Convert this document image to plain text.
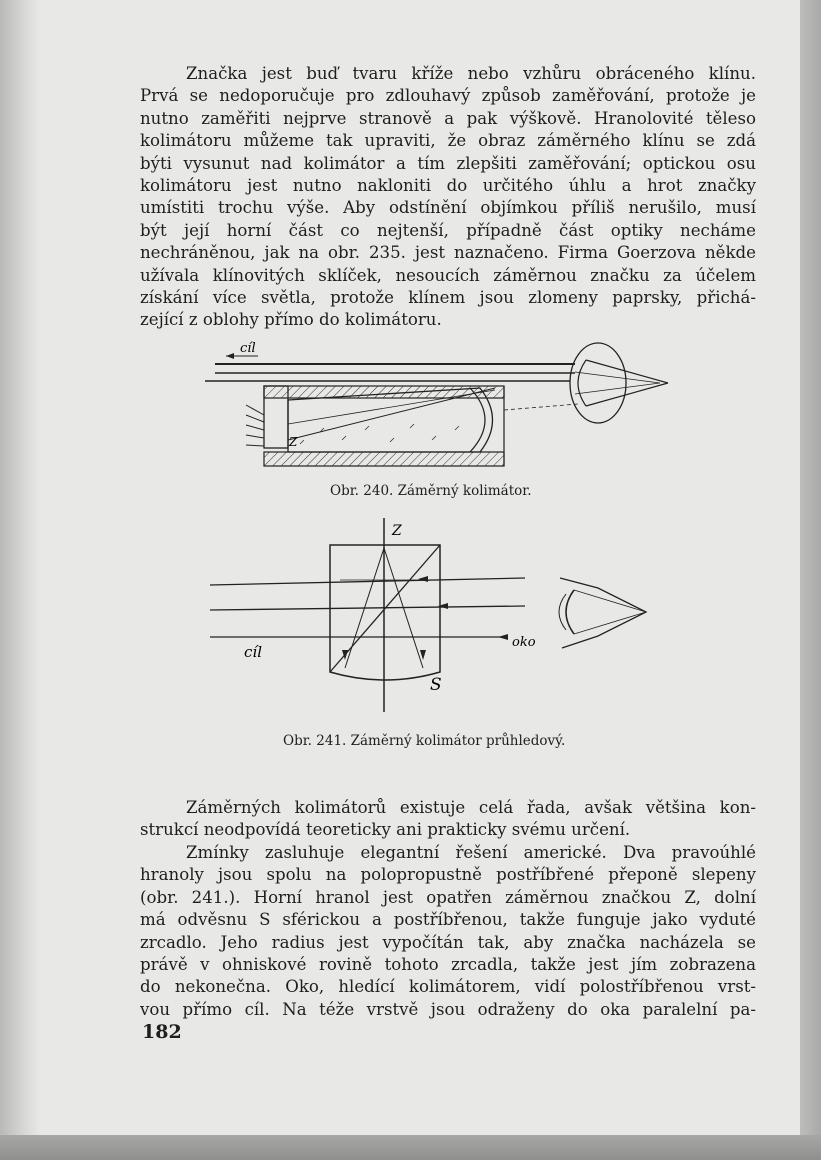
Značka jest buď tvaru kříže nebo vzhůru obráceného klínu.
Prvá se nedoporučuje pro zdlouhavý způsob zaměřování, protože je
nutno zaměřiti nejprve stranově a pak výškově. Hranolovité těleso
kolimátoru můžeme tak upraviti, že obraz záměrného klínu se zdá
býti vysunut nad kolimátor a tím zlepšiti zaměřování; optickou osu
kolimátoru jest nutno nakloniti do určitého úhlu a hrot značky
umístiti trochu výše. Aby odstínění objímkou příliš nerušilo, musí
být její horní část co nejtenší, případně část optiky necháme
nechráněnou, jak na obr. 235. jest naznačeno. Firma Goerzova někde
užívala klínovitých sklíček, nesoucích záměrnou značku za účelem
získání více světla, protože klínem jsou zlomeny paprsky, přichá-
zející z oblohy přímo do kolimátoru.
cíl
Z
Obr. 240. Záměrný kolimátor.
Z
cíl
oko
S
Obr. 241. Záměrný kolimátor průhledový.
Záměrných kolimátorů existuje celá řada, avšak většina kon-
strukcí neodpovídá teoreticky ani prakticky svému určení.
Zmínky zasluhuje elegantní řešení americké. Dva pravoúhlé
hranoly jsou spolu na polopropustně postříbřené přeponě slepeny
(obr. 241.). Horní hranol jest opatřen záměrnou značkou Z, dolní
má odvěsnu S sférickou a postříbřenou, takže funguje jako vyduté
zrcadlo. Jeho radius jest vypočítán tak, aby značka nacházela se
právě v ohniskové rovině tohoto zrcadla, takže jest jím zobrazena
do nekonečna. Oko, hledící kolimátorem, vidí polostříbřenou vrst-
vou přímo cíl. Na téže vrstvě jsou odraženy do oka paralelní pa-
182
